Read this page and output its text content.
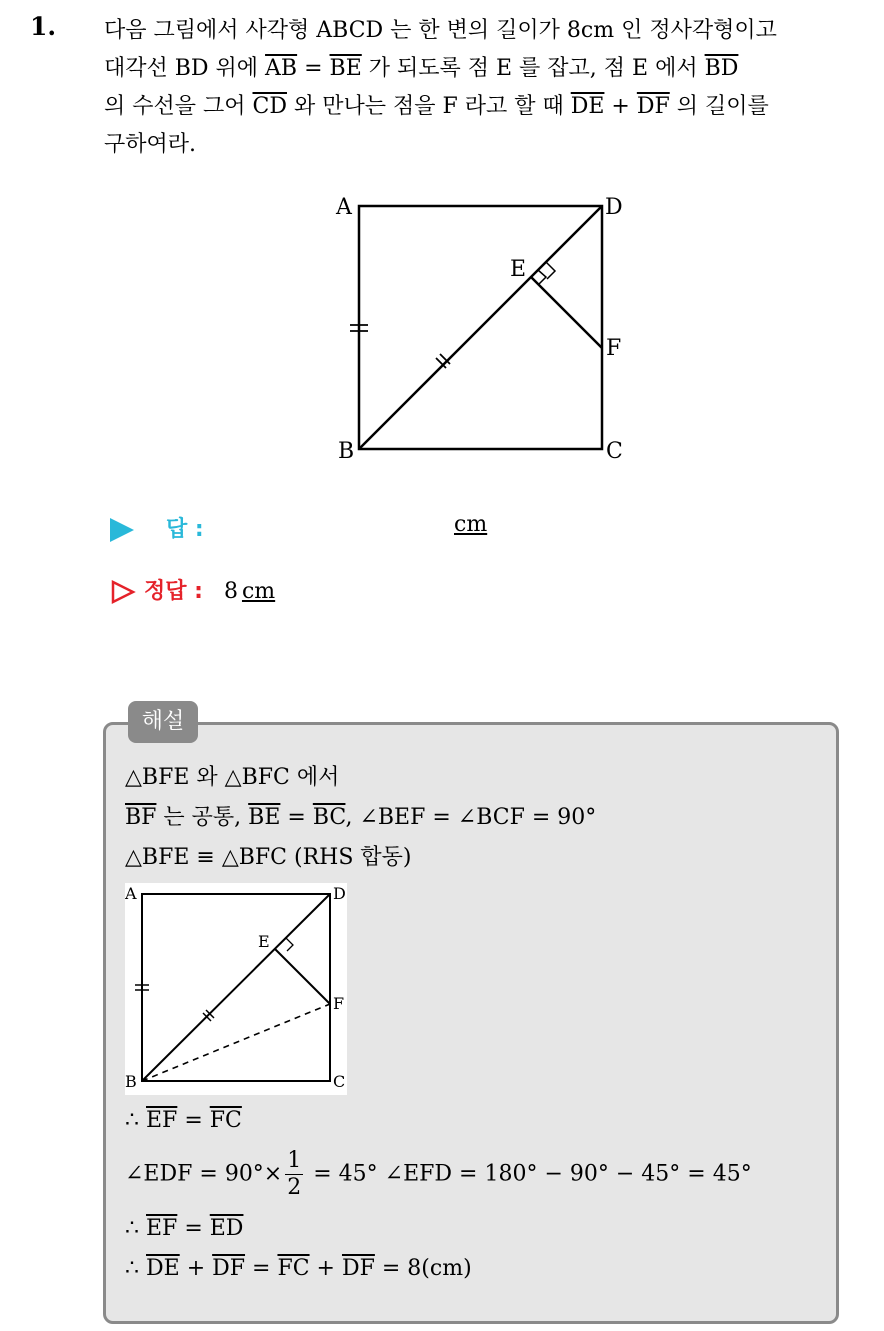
1. 다음 그림에서 사각형 ABCD 는 한 변의 길이가 8cm 인 정사각형이고
대각선 BD 위에 $\overline{AB} = \overline{BE}$ 가 되도록 점 E 를 잡고, 점 E 에서 $\overline{BD}$
의 수선을 그어 $\overline{CD}$ 와 만나는 점을 F 라고 할 때 $\overline{DE} + \overline{DF}$ 의 길이를
구하여라.
A	D
E
F
B	C
답 :	cm
정답 : 8 cm
해설
△BFE 와 △BFC 에서
$\overline{BF}$ 는 공통, $\overline{BE} = \overline{BC}$, ∠BEF = ∠BCF = 90°
△BFE ≡ △BFC (RHS 합동)
A	D
E
F
B	C
∴ $\overline{EF} = \overline{FC}$
∠EDF = $90^\circ\times \frac{1}{2} = 45^\circ$ ∠EFD = 180° − 90° − 45° = 45°
∴ $\overline{EF} = \overline{ED}$
∴ $\overline{DE} + \overline{DF} = \overline{FC} + \overline{DF} = 8(cm)$
